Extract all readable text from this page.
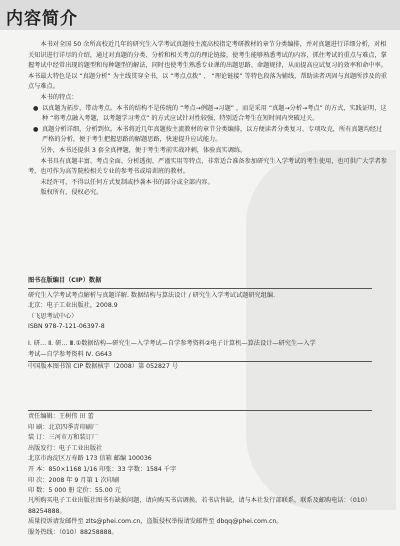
内容简介

本书对全国 50 余所高校近几年的研究生入学考试真题按主流高校指定考研教材的章节分类编排，并对真题进行详细分析，对相关知识进行详尽的介绍，通过对真题的分类、分析和相关考点的理论链接，使考生能够熟悉考试的内容，抓住考试的重点与难点，掌握考试中经常出现的题型和每种题型的解法，同时也使考生熟悉专业课的出题思路、命题规律，从而提高应试复习的效率和命中率。本书最大特色是以 “真题分析” 为主线贯穿全书，以 “考点点拨” 、 “理论链接” 等特色段落为辅线，帮助读者巩固与真题所涉及的重点与难点。

本书的特点：

● 以真题为拓步，带动考点。本书的结构不是传统的 “考点→例题→习题” ，而是采用 “真题→分析→考点” 的方式，实践证明，这种 “将考点融入考题，以考题学习考点” 的方式应试针对性较强，特别适合考生在短时间内突破过关。
● 真题分析详细，分析到位。本书将近几年真题按主流教材的章节分类编排，以方便读者分类复习、专项攻克，所有真题均经过严格的分析，便于考生把握思路的解题思路，快速提升应试能力。

另外，本书还提供 3 套全真押题，便于考生考前实战冲刺，体验真实调练。

本书具有真题丰富、考点全面、分析透彻、严谨实用等特点，非常适合准备参加研究生入学考试的考生使用，也可供广大学者参考，也可作为高等院校相关专业的参考书或培训班的教材。

未经许可，不得以任何方式复制或抄袭本书的部分或全部内容。

版权所有，侵权必究。

图书在版编目（CIP）数据

研究生入学考试考点解析与真题详解. 数据结构与算法设计 / 研究生入学考试试题研究组编.

北京：电子工业出版社，2008.9

（飞思考试中心）

ISBN 978-7-121-06397-8

Ⅰ. 研… Ⅱ. 研… Ⅲ.①数据结构—研究生—入学考试—自学参考资料②电子计算机—算法设计—研究生—入学

考试—自学参考资料 Ⅳ. G643

中国版本图书馆 CIP 数据核字（2008）第 052827 号

责任编辑：王树伟 田 蕾

印 刷：北京四季青印刷厂

装 订：三河市万和装订厂

出版发行：电子工业出版社

北京市海淀区万寿路 173 信箱 邮编 100036

开 本：850×1168 1/16 印张：33 字数：1584 千字

印 次：2008 年 9 月第 1 次印刷

印 数：5 000 册 定价：55.00 元

凡所购买电子工业出版社图书有缺损问题，请向购买书店调换。若书店售缺，请与本社发行部联系，联系及邮购电话：（010）88254888。

质量投诉请发邮件至 zlts@phei.com.cn，盗版侵权举报请发邮件至 dbqq@phei.com.cn。

服务热线：（010）88258888。
